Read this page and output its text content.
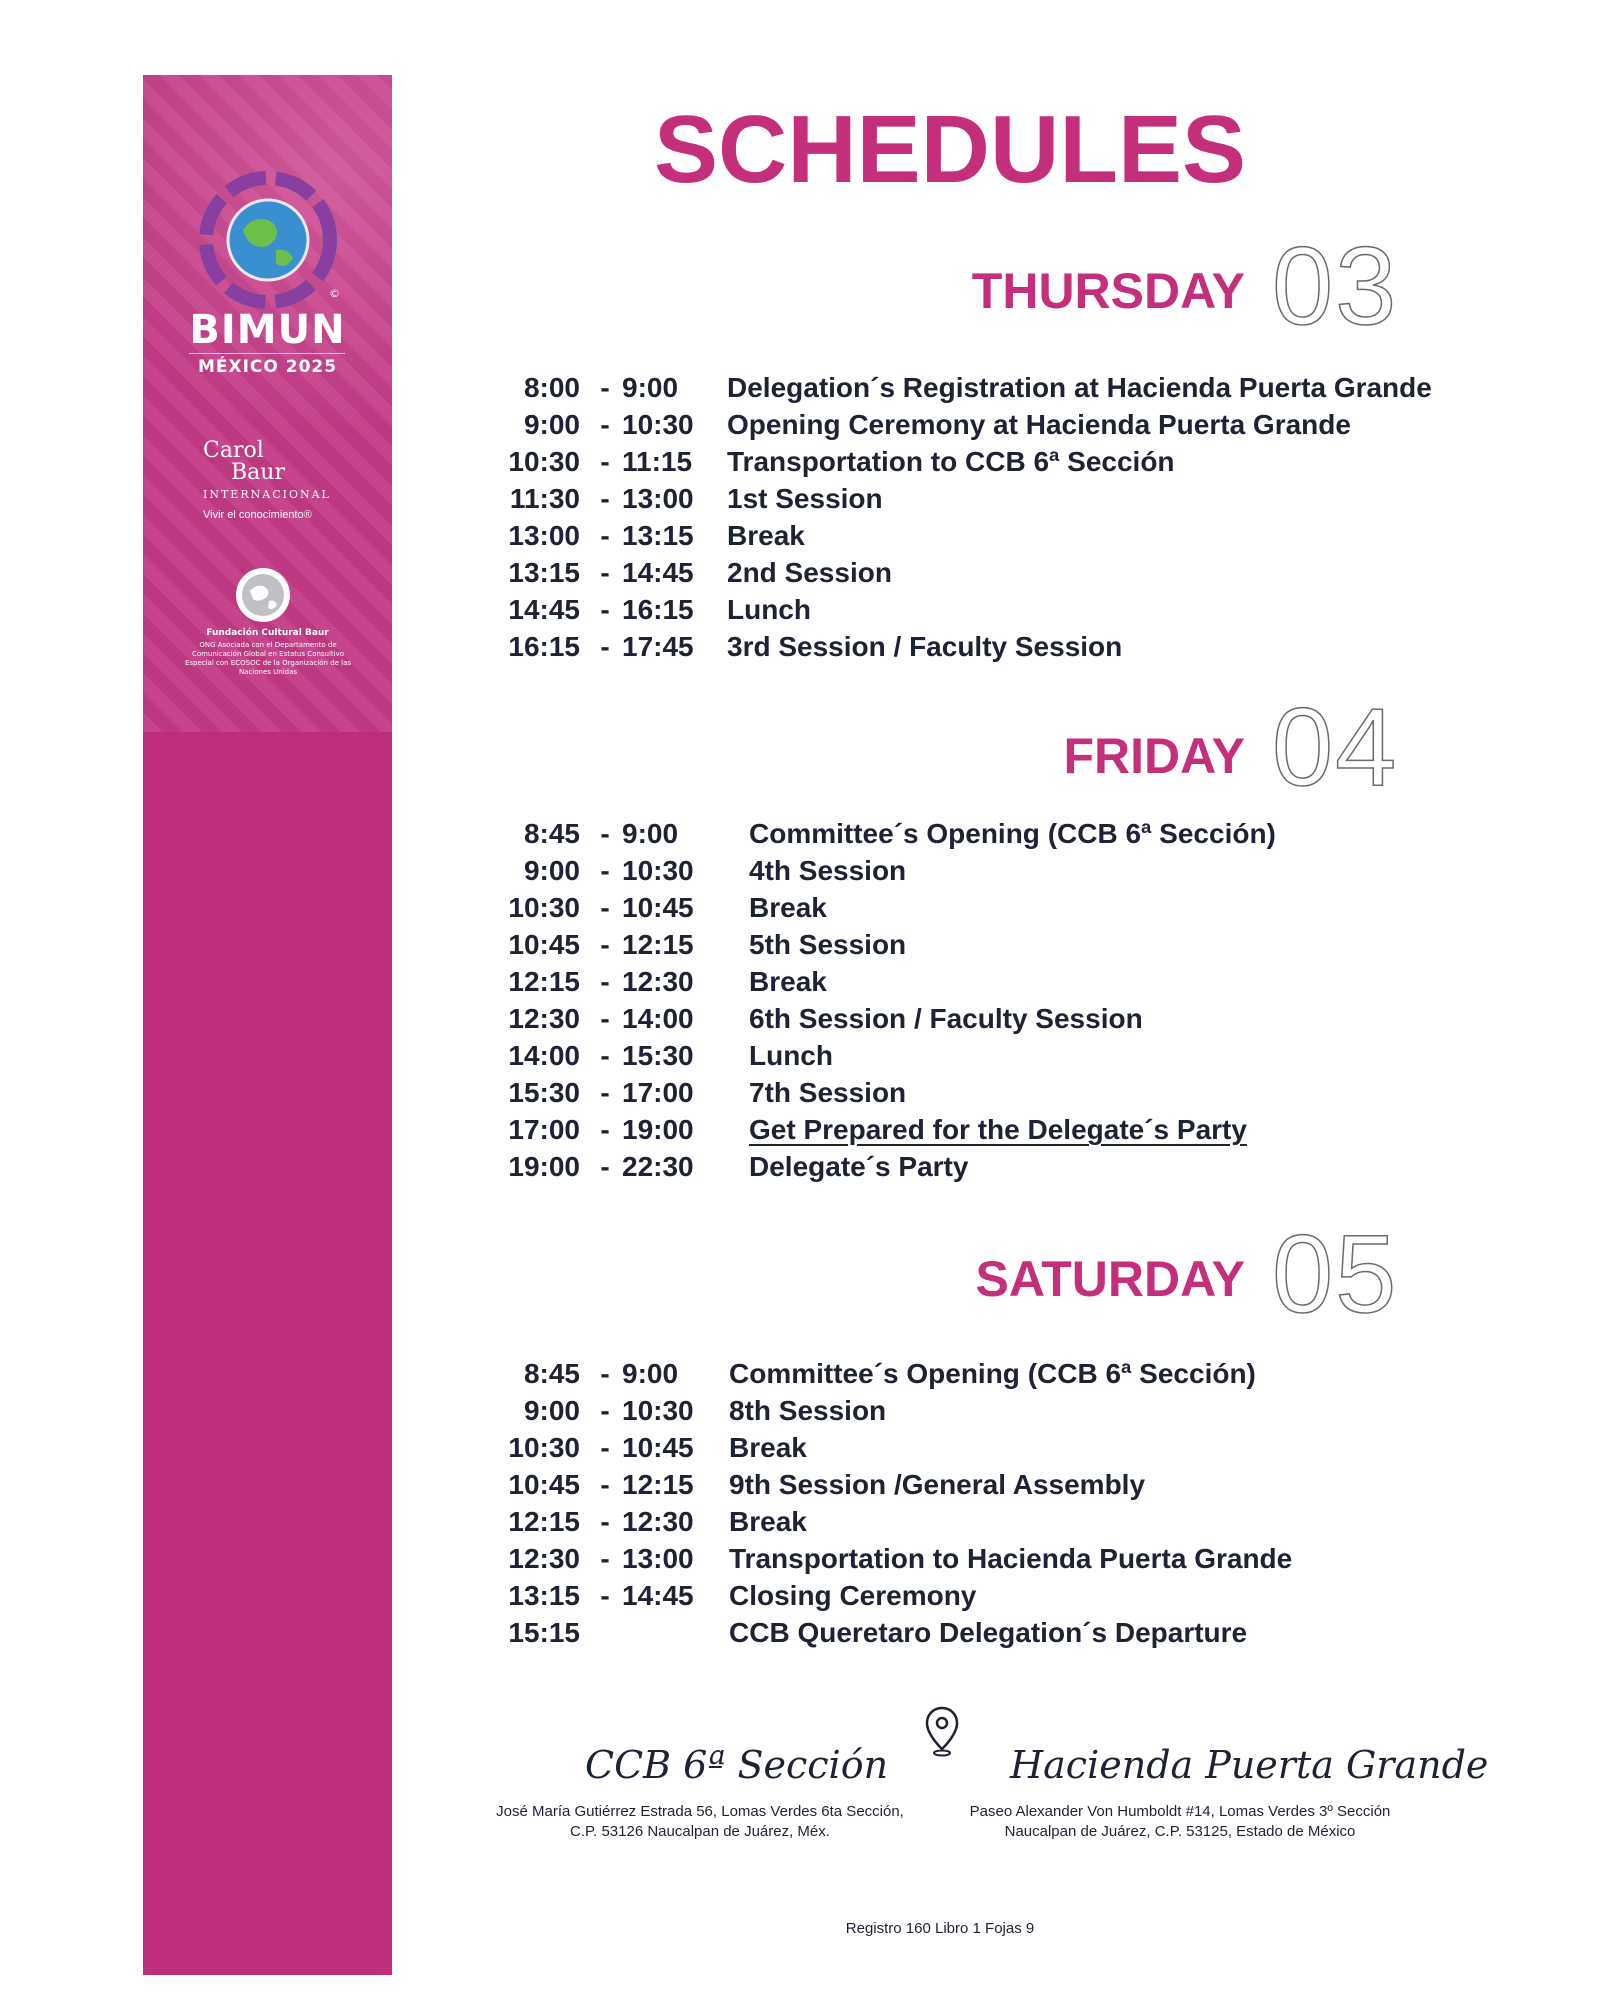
©
BIMUN
MÉXICO 2025
Carol
Baur
INTERNACIONAL
Vivir el conocimiento®
Fundación Cultural Baur
ONG Asociada con el Departamento de Comunicación Global en Estatus Consultivo Especial con ECOSOC de la Organización de las Naciones Unidas
SCHEDULES
THURSDAY 03
8:00 - 9:00 Delegation´s Registration at Hacienda Puerta Grande
9:00 - 10:30 Opening Ceremony at Hacienda Puerta Grande
10:30 - 11:15 Transportation to CCB 6ª Sección
11:30 - 13:00 1st Session
13:00 - 13:15 Break
13:15 - 14:45 2nd Session
14:45 - 16:15 Lunch
16:15 - 17:45 3rd Session / Faculty Session
FRIDAY 04
8:45 - 9:00	Committee´s Opening (CCB 6ª Sección)
9:00 - 10:30 4th Session
10:30 - 10:45 Break
10:45 - 12:15 5th Session
12:15 - 12:30 Break
12:30 - 14:00 6th Session / Faculty Session
14:00 - 15:30 Lunch
15:30 - 17:00 7th Session
17:00 - 19:00 Get Prepared for the Delegate´s Party
19:00 - 22:30 Delegate´s Party
SATURDAY 05
8:45 - 9:00 Committee´s Opening (CCB 6ª Sección)
9:00 - 10:30 8th Session
10:30 - 10:45 Break
10:45 - 12:15 9th Session /General Assembly
12:15 - 12:30 Break
12:30 - 13:00 Transportation to Hacienda Puerta Grande
13:15 - 14:45 Closing Ceremony
15:15	CCB Queretaro Delegation´s Departure
CCB 6ª Sección
José María Gutiérrez Estrada 56, Lomas Verdes 6ta Sección,
C.P. 53126 Naucalpan de Juárez, Méx.
Hacienda Puerta Grande
Paseo Alexander Von Humboldt #14, Lomas Verdes 3º Sección
Naucalpan de Juárez, C.P. 53125, Estado de México
Registro 160 Libro 1 Fojas 9
